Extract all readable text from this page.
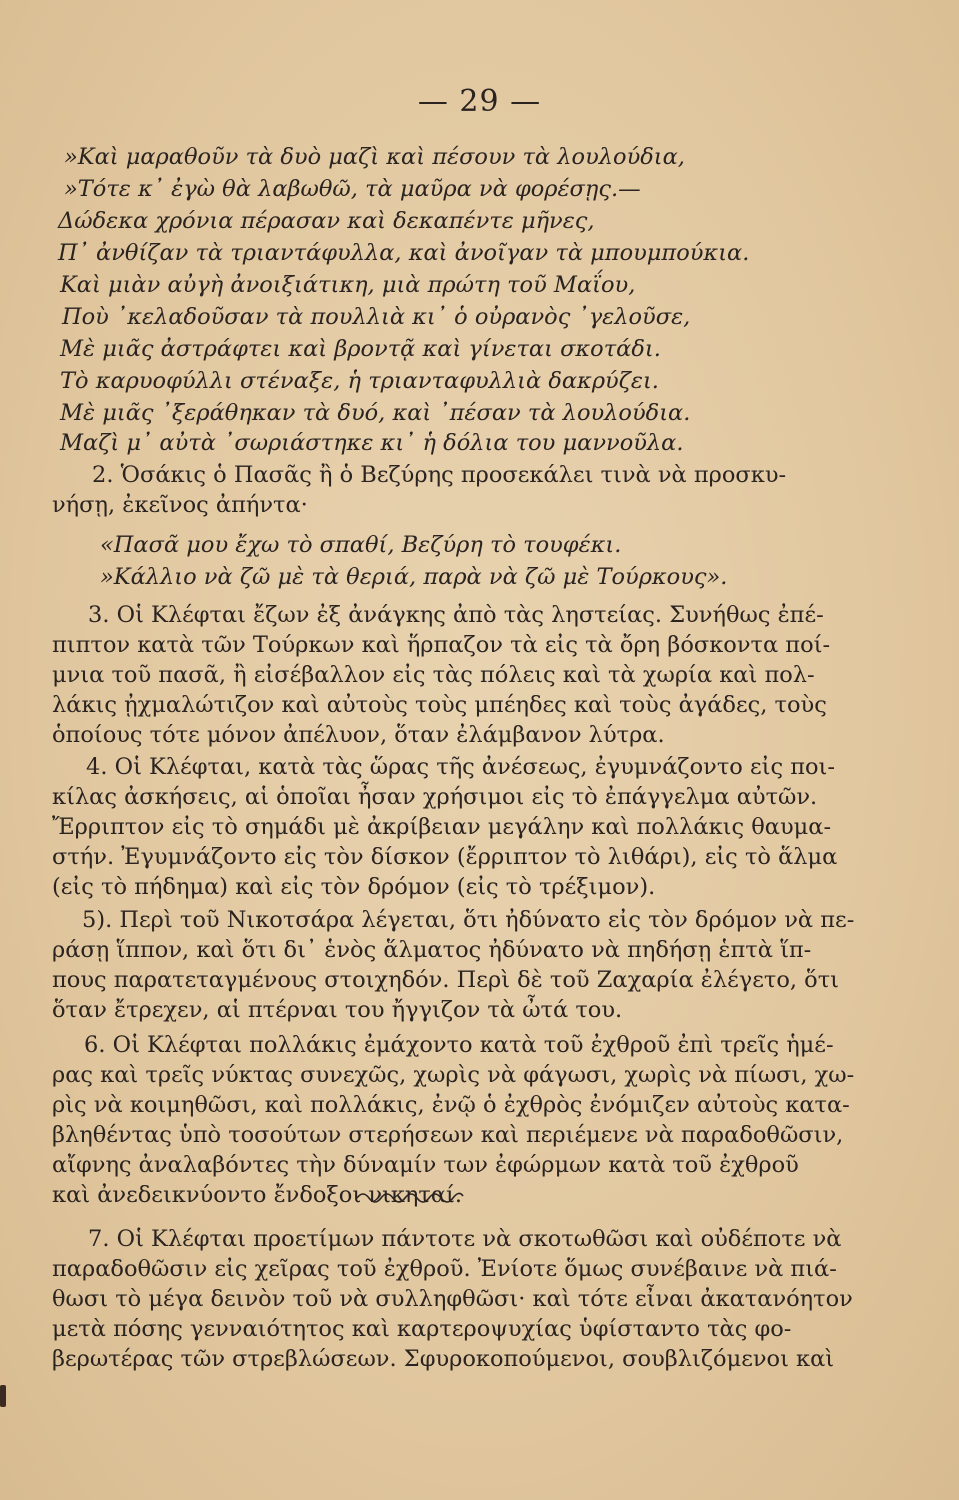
— 29 —
»Καὶ μαραθοῦν τὰ δυὸ μαζὶ καὶ πέσουν τὰ λουλούδια,
»Τότε κ᾽ ἐγὼ θὰ λαβωθῶ, τὰ μαῦρα νὰ φορέσῃς.—
Δώδεκα χρόνια πέρασαν καὶ δεκαπέντε μῆνες,
Π᾽ ἀνθίζαν τὰ τριαντάφυλλα, καὶ ἀνοῖγαν τὰ μπουμπούκια.
Καὶ μιὰν αὐγὴ ἀνοιξιάτικη, μιὰ πρώτη τοῦ Μαΐου,
Ποὺ ᾽κελαδοῦσαν τὰ πουλλιὰ κι᾽ ὁ οὐρανὸς ᾽γελοῦσε,
Μὲ μιᾶς ἀστράφτει καὶ βροντᾷ καὶ γίνεται σκοτάδι.
Τὸ καρυοφύλλι στέναξε, ἡ τριανταφυλλιὰ δακρύζει.
Μὲ μιᾶς ᾽ξεράθηκαν τὰ δυό, καὶ ᾽πέσαν τὰ λουλούδια.
Μαζὶ μ᾽ αὐτὰ ᾽σωριάστηκε κι᾽ ἡ δόλια του μαννοῦλα.
2. Ὁσάκις ὁ Πασᾶς ἢ ὁ Βεζύρης προσεκάλει τινὰ νὰ προσκυ-
νήσῃ, ἐκεῖνος ἀπήντα·
«Πασᾶ μου ἔχω τὸ σπαθί, Βεζύρη τὸ τουφέκι.
»Κάλλιο νὰ ζῶ μὲ τὰ θεριά, παρὰ νὰ ζῶ μὲ Τούρκους».
3. Οἱ Κλέφται ἔζων ἐξ ἀνάγκης ἀπὸ τὰς ληστείας. Συνήθως ἐπέ-
πιπτον κατὰ τῶν Τούρκων καὶ ἥρπαζον τὰ εἰς τὰ ὄρη βόσκοντα ποί-
μνια τοῦ πασᾶ, ἢ εἰσέβαλλον εἰς τὰς πόλεις καὶ τὰ χωρία καὶ πολ-
λάκις ᾐχμαλώτιζον καὶ αὐτοὺς τοὺς μπέηδες καὶ τοὺς ἀγάδες, τοὺς
ὁποίους τότε μόνον ἀπέλυον, ὅταν ἐλάμβανον λύτρα.
4. Οἱ Κλέφται, κατὰ τὰς ὥρας τῆς ἀνέσεως, ἐγυμνάζοντο εἰς ποι-
κίλας ἀσκήσεις, αἱ ὁποῖαι ἦσαν χρήσιμοι εἰς τὸ ἐπάγγελμα αὐτῶν.
Ἔρριπτον εἰς τὸ σημάδι μὲ ἀκρίβειαν μεγάλην καὶ πολλάκις θαυμα-
στήν. Ἐγυμνάζοντο εἰς τὸν δίσκον (ἔρριπτον τὸ λιθάρι), εἰς τὸ ἅλμα
(εἰς τὸ πήδημα) καὶ εἰς τὸν δρόμον (εἰς τὸ τρέξιμον).
5). Περὶ τοῦ Νικοτσάρα λέγεται, ὅτι ἠδύνατο εἰς τὸν δρόμον νὰ πε-
ράσῃ ἵππον, καὶ ὅτι δι᾽ ἑνὸς ἅλματος ἠδύνατο νὰ πηδήσῃ ἑπτὰ ἵπ-
πους παρατεταγμένους στοιχηδόν. Περὶ δὲ τοῦ Ζαχαρία ἐλέγετο, ὅτι
ὅταν ἔτρεχεν, αἱ πτέρναι του ἤγγιζον τὰ ὦτά του.
6. Οἱ Κλέφται πολλάκις ἐμάχοντο κατὰ τοῦ ἐχθροῦ ἐπὶ τρεῖς ἡμέ-
ρας καὶ τρεῖς νύκτας συνεχῶς, χωρὶς νὰ φάγωσι, χωρὶς νὰ πίωσι, χω-
ρὶς νὰ κοιμηθῶσι, καὶ πολλάκις, ἐνῷ ὁ ἐχθρὸς ἐνόμιζεν αὐτοὺς κατα-
βληθέντας ὑπὸ τοσούτων στερήσεων καὶ περιέμενε νὰ παραδοθῶσιν,
αἴφνης ἀναλαβόντες τὴν δύναμίν των ἐφώρμων κατὰ τοῦ ἐχθροῦ
καὶ ἀνεδεικνύοντο ἔνδοξοι νικηταί.
7. Οἱ Κλέφται προετίμων πάντοτε νὰ σκοτωθῶσι καὶ οὐδέποτε νὰ
παραδοθῶσιν εἰς χεῖρας τοῦ ἐχθροῦ. Ἐνίοτε ὅμως συνέβαινε νὰ πιά-
θωσι τὸ μέγα δεινὸν τοῦ νὰ συλληφθῶσι· καὶ τότε εἶναι ἀκατανόητον
μετὰ πόσης γενναιότητος καὶ καρτεροψυχίας ὑφίσταντο τὰς φο-
βερωτέρας τῶν στρεβλώσεων. Σφυροκοπούμενοι, σουβλιζόμενοι καὶ
